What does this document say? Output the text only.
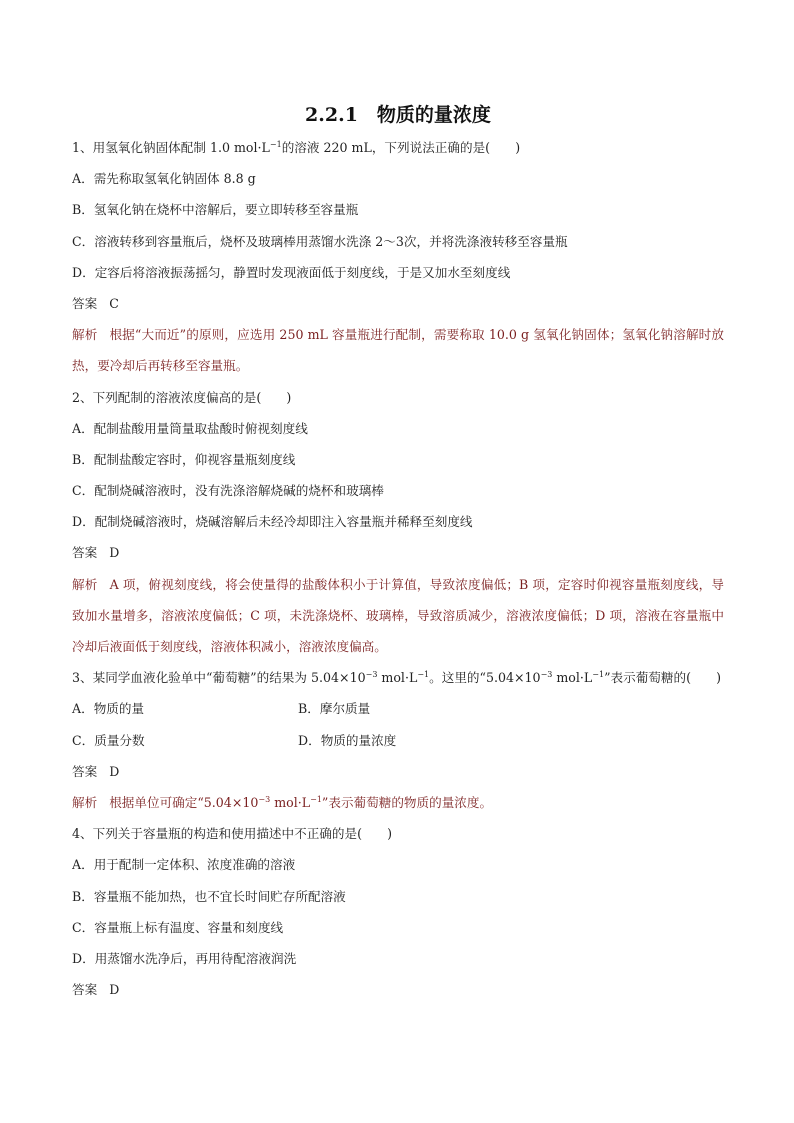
2.2.1　物质的量浓度
1、用氢氧化钠固体配制 1.0 $mol\cdot L^{-1}$的溶液 220 mL，下列说法正确的是(　　)
A．需先称取氢氧化钠固体 8.8 g
B．氢氧化钠在烧杯中溶解后，要立即转移至容量瓶
C．溶液转移到容量瓶后，烧杯及玻璃棒用蒸馏水洗涤 2～3次，并将洗涤液转移至容量瓶
D．定容后将溶液振荡摇匀，静置时发现液面低于刻度线，于是又加水至刻度线
答案 C
解析 根据“大而近”的原则，应选用 250 mL 容量瓶进行配制，需要称取 10.0 g 氢氧化钠固体；氢氧化钠溶解时放热，要冷却后再转移至容量瓶。
2、下列配制的溶液浓度偏高的是(　　)
A．配制盐酸用量筒量取盐酸时俯视刻度线
B．配制盐酸定容时，仰视容量瓶刻度线
C．配制烧碱溶液时，没有洗涤溶解烧碱的烧杯和玻璃棒
D．配制烧碱溶液时，烧碱溶解后未经冷却即注入容量瓶并稀释至刻度线
答案 D
解析 A 项，俯视刻度线，将会使量得的盐酸体积小于计算值，导致浓度偏低；B 项，定容时仰视容量瓶刻度线，导致加水量增多，溶液浓度偏低；C 项，未洗涤烧杯、玻璃棒，导致溶质减少，溶液浓度偏低；D 项，溶液在容量瓶中冷却后液面低于刻度线，溶液体积减小，溶液浓度偏高。
3、某同学血液化验单中“葡萄糖”的结果为 $5.04\times 10^{-3}$ $mol\cdot L^{-1}$。这里的“$5.04\times 10^{-3}$ $mol\cdot L^{-1}$”表示葡萄糖的(　　)
A．物质的量	B．摩尔质量
C．质量分数	D．物质的量浓度
答案 D
解析 根据单位可确定“$5.04\times 10^{-3}$ $mol\cdot L^{-1}$”表示葡萄糖的物质的量浓度。
4、下列关于容量瓶的构造和使用描述中不正确的是(　　)
A．用于配制一定体积、浓度准确的溶液
B．容量瓶不能加热，也不宜长时间贮存所配溶液
C．容量瓶上标有温度、容量和刻度线
D．用蒸馏水洗净后，再用待配溶液润洗
答案 D
